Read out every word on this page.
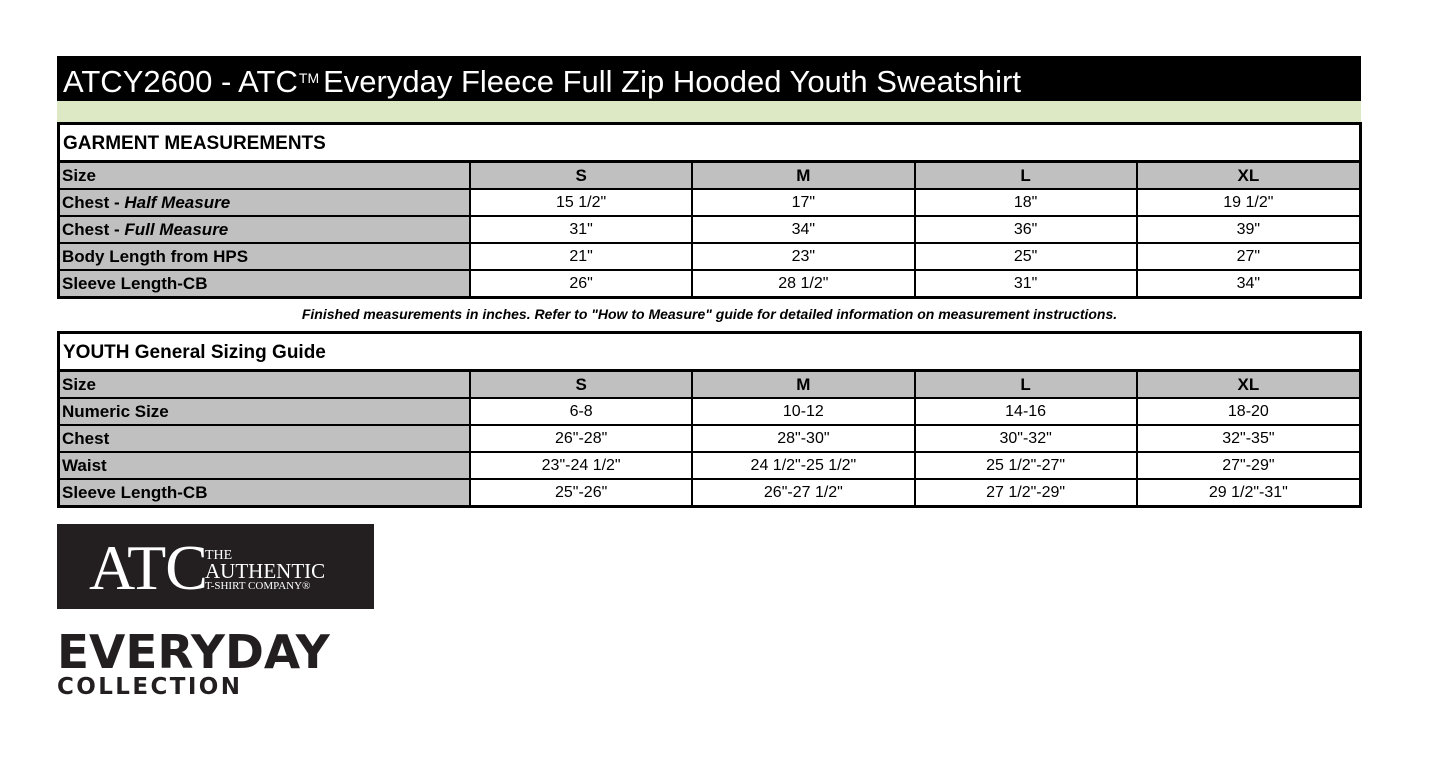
ATCY2600 - ATC™ Everyday Fleece Full Zip Hooded Youth Sweatshirt
GARMENT MEASUREMENTS
Size	S	M	L	XL
Chest - Half Measure	15 1/2"	17"	18"	19 1/2"
Chest - Full Measure	31"	34"	36"	39"
Body Length from HPS	21"	23"	25"	27"
Sleeve Length-CB	26"	28 1/2"	31"	34"
Finished measurements in inches. Refer to "How to Measure" guide for detailed information on measurement instructions.
YOUTH General Sizing Guide
Size	S	M	L	XL
Numeric Size	6-8	10-12	14-16	18-20
Chest	26"-28"	28"-30"	30"-32"	32"-35"
Waist	23"-24 1/2"	24 1/2"-25 1/2"	25 1/2"-27"	27"-29"
Sleeve Length-CB	25"-26"	26"-27 1/2"	27 1/2"-29"	29 1/2"-31"
ATC
THE
AUTHENTIC
T-SHIRT COMPANY®
EVERYDAY
COLLECTION
